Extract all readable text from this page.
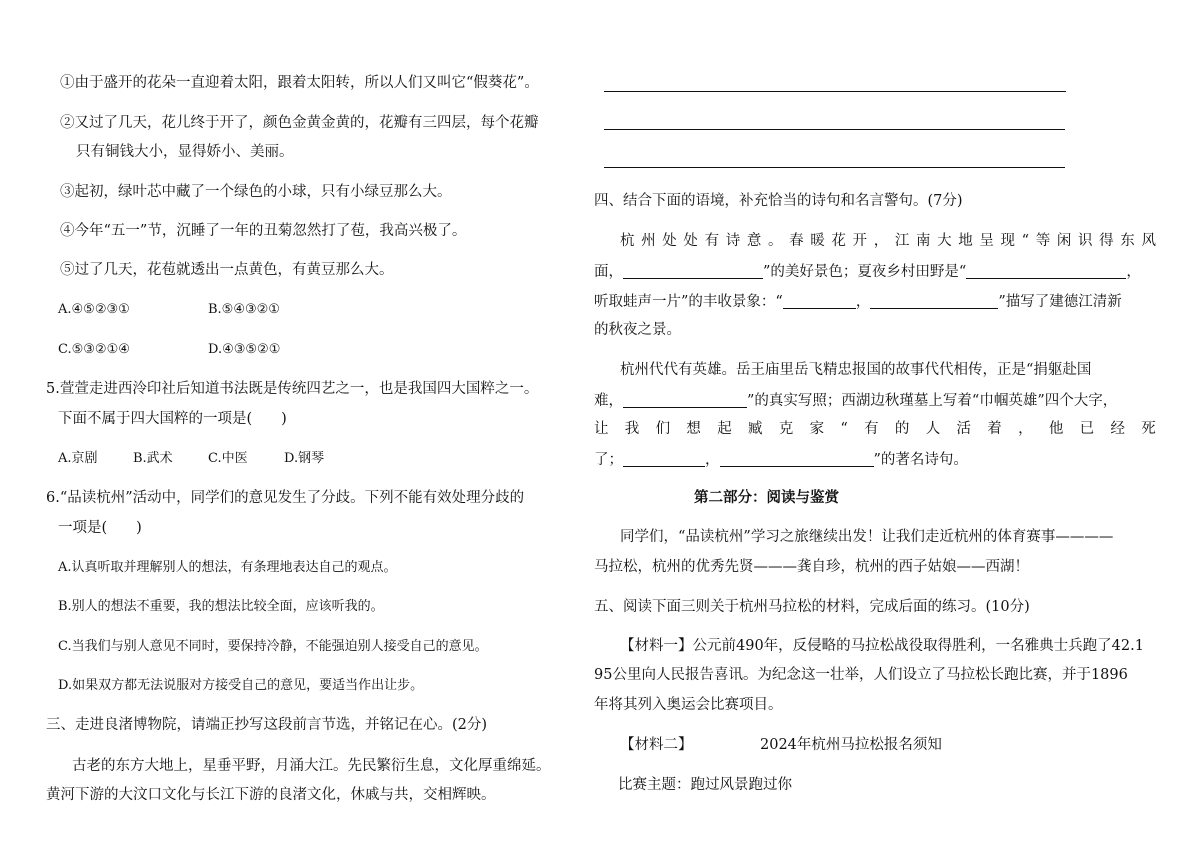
①由于盛开的花朵一直迎着太阳，跟着太阳转，所以人们又叫它“假葵花”。
②又过了几天，花儿终于开了，颜色金黄金黄的，花瓣有三四层，每个花瓣
只有铜钱大小，显得娇小、美丽。
③起初，绿叶芯中藏了一个绿色的小球，只有小绿豆那么大。
④今年“五一”节，沉睡了一年的丑菊忽然打了苞，我高兴极了。
⑤过了几天，花苞就透出一点黄色，有黄豆那么大。
A.④⑤②③①	B.⑤④③②①
C.⑤③②①④	D.④③⑤②①
5.萱萱走进西泠印社后知道书法既是传统四艺之一，也是我国四大国粹之一。
下面不属于四大国粹的一项是(　　)
A.京剧	B.武术	C.中医	D.钢琴
6.“品读杭州”活动中，同学们的意见发生了分歧。下列不能有效处理分歧的
一项是(　　)
A.认真听取并理解别人的想法，有条理地表达自己的观点。
B.别人的想法不重要，我的想法比较全面，应该听我的。
C.当我们与别人意见不同时，要保持冷静，不能强迫别人接受自己的意见。
D.如果双方都无法说服对方接受自己的意见，要适当作出让步。
三、走进良渚博物院，请端正抄写这段前言节选，并铭记在心。(2分)
古老的东方大地上，星垂平野，月涌大江。先民繁衍生息，文化厚重绵延。
黄河下游的大汶口文化与长江下游的良渚文化，休戚与共，交相辉映。
四、结合下面的语境，补充恰当的诗句和名言警句。(7分)
杭 州 处 处 有 诗 意 。 春 暖 花 开 ， 江 南 大 地 呈 现 “ 等 闲 识 得 东 风
面，	”的美好景色；夏夜乡村田野是“	，
听取蛙声一片”的丰收景象：“	，	”描写了建德江清新
的秋夜之景。
杭州代代有英雄。岳王庙里岳飞精忠报国的故事代代相传，正是“捐躯赴国
难，	”的真实写照；西湖边秋瑾墓上写着“巾帼英雄”四个大字，
让 我 们 想 起 臧 克 家 “ 有 的 人 活 着 ， 他 已 经 死
了；	，	”的著名诗句。
第二部分：阅读与鉴赏
同学们，“品读杭州”学习之旅继续出发！让我们走近杭州的体育赛事————
马拉松，杭州的优秀先贤———龚自珍，杭州的西子姑娘——西湖！
五、阅读下面三则关于杭州马拉松的材料，完成后面的练习。(10分)
【材料一】公元前490年，反侵略的马拉松战役取得胜利，一名雅典士兵跑了42.1
95公里向人民报告喜讯。为纪念这一壮举，人们设立了马拉松长跑比赛，并于1896
年将其列入奥运会比赛项目。
【材料二】	2024年杭州马拉松报名须知
比赛主题：跑过风景跑过你
